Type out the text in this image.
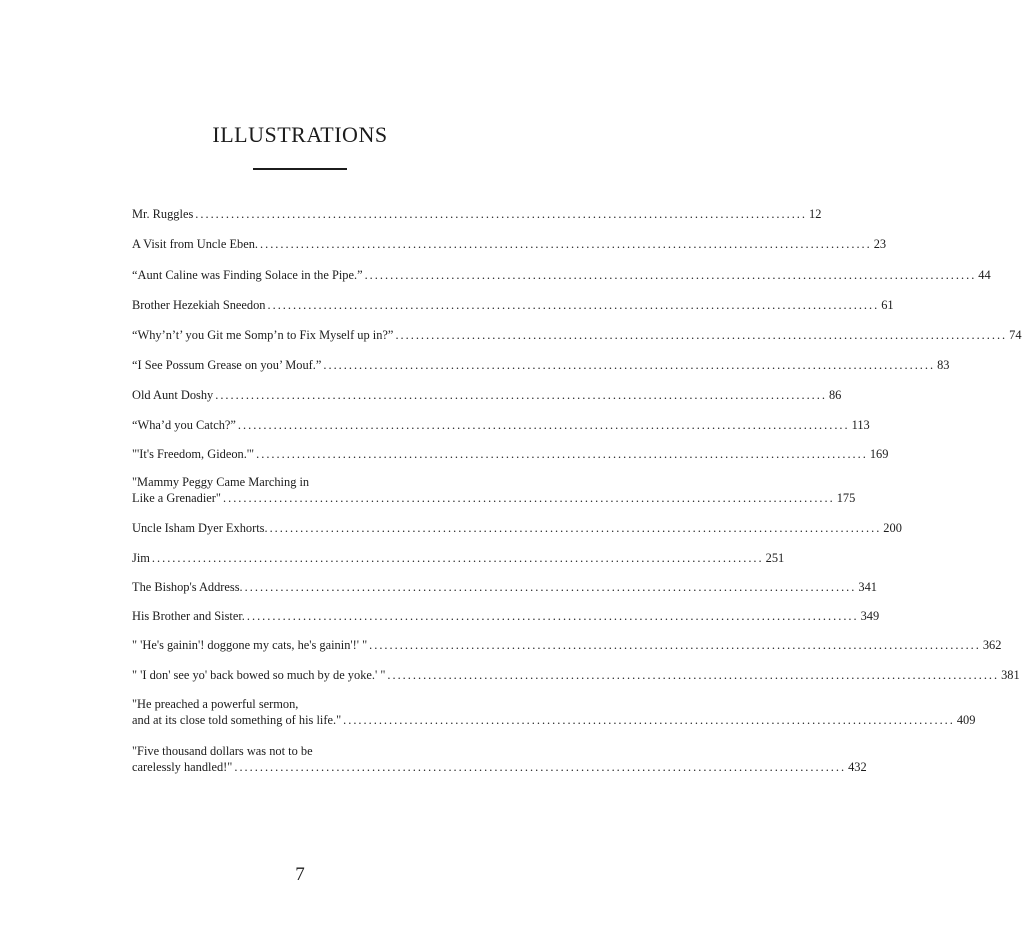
ILLUSTRATIONS
Mr. Ruggles ........................................................................................................................ 12
A Visit from Uncle Eben. ........................................................................................................................ 23
“Aunt Caline was Finding Solace in the Pipe.” ........................................................................................................................ 44
Brother Hezekiah Sneedon ........................................................................................................................ 61
“Why’n’t’ you Git me Somp’n to Fix Myself up in?” ........................................................................................................................ 74
“I See Possum Grease on you’ Mouf.” ........................................................................................................................ 83
Old Aunt Doshy ........................................................................................................................ 86
“Wha’d you Catch?” ........................................................................................................................ 113
"'It's Freedom, Gideon.'" ........................................................................................................................ 169
"Mammy Peggy Came Marching in
Like a Grenadier" ........................................................................................................................ 175
Uncle Isham Dyer Exhorts. ........................................................................................................................ 200
Jim ........................................................................................................................ 251
The Bishop's Address. ........................................................................................................................ 341
His Brother and Sister. ........................................................................................................................ 349
" 'He's gainin'! doggone my cats, he's gainin'!' " ........................................................................................................................ 362
" 'I don' see yo' back bowed so much by de yoke.' " ........................................................................................................................ 381
"He preached a powerful sermon,
and at its close told something of his life." ........................................................................................................................ 409
"Five thousand dollars was not to be
carelessly handled!" ........................................................................................................................ 432
7
